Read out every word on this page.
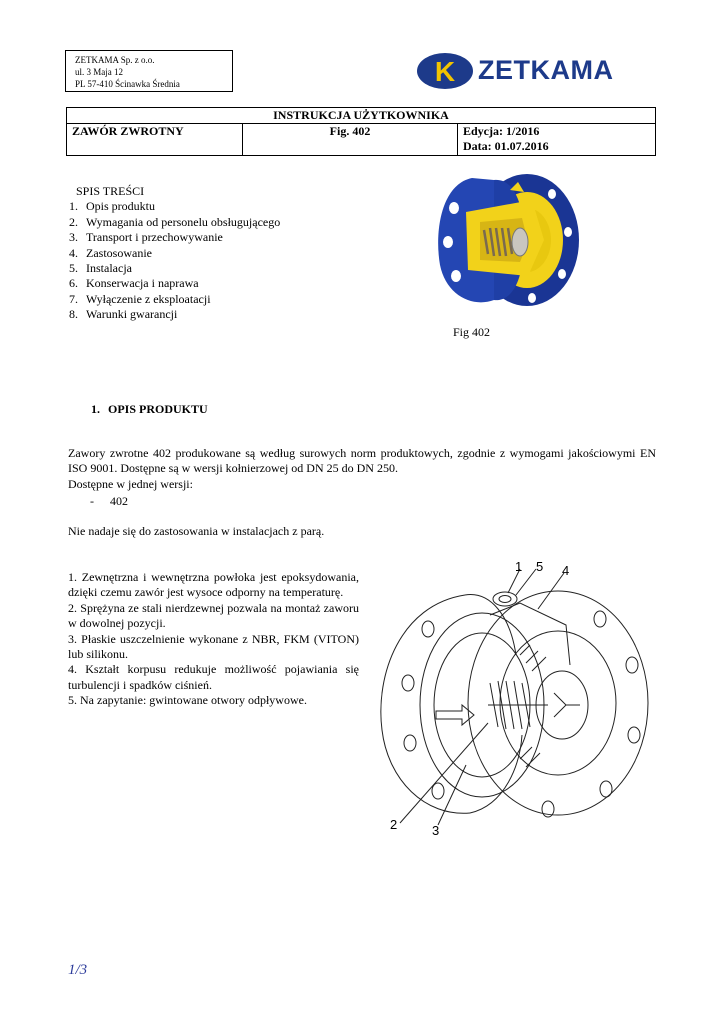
ZETKAMA Sp. z o.o.
ul. 3 Maja 12
PL 57-410 Ścinawka Średnia	K ZETKAMA
INSTRUKCJA UŻYTKOWNIKA
ZAWÓR ZWROTNY	Fig. 402	Edycja: 1/2016
Data: 01.07.2016
SPIS TREŚCI
1. Opis produktu
2. Wymagania od personelu obsługującego
3. Transport i przechowywanie
4. Zastosowanie
5. Instalacja
6. Konserwacja i naprawa
7. Wyłączenie z eksploatacji
8. Warunki gwarancji
Fig 402
1. OPIS PRODUKTU

Zawory zwrotne 402 produkowane są według surowych norm produktowych, zgodnie z wymogami jakościowymi EN ISO 9001. Dostępne są w wersji kołnierzowej od DN 25 do DN 250.

Dostępne w jednej wersji:

- 402
Nie nadaje się do zastosowania w instalacjach z parą.
1. Zewnętrzna i wewnętrzna powłoka jest epoksydowania, dzięki czemu zawór jest wysoce odporny na temperaturę.
2. Sprężyna ze stali nierdzewnej pozwala na montaż zaworu w dowolnej pozycji.
3. Płaskie uszczelnienie wykonane z NBR, FKM (VITON) lub silikonu.
4. Kształt korpusu redukuje możliwość pojawiania się turbulencji i spadków ciśnień.
5. Na zapytanie: gwintowane otwory odpływowe.
1 5 4
2	3
1/3
